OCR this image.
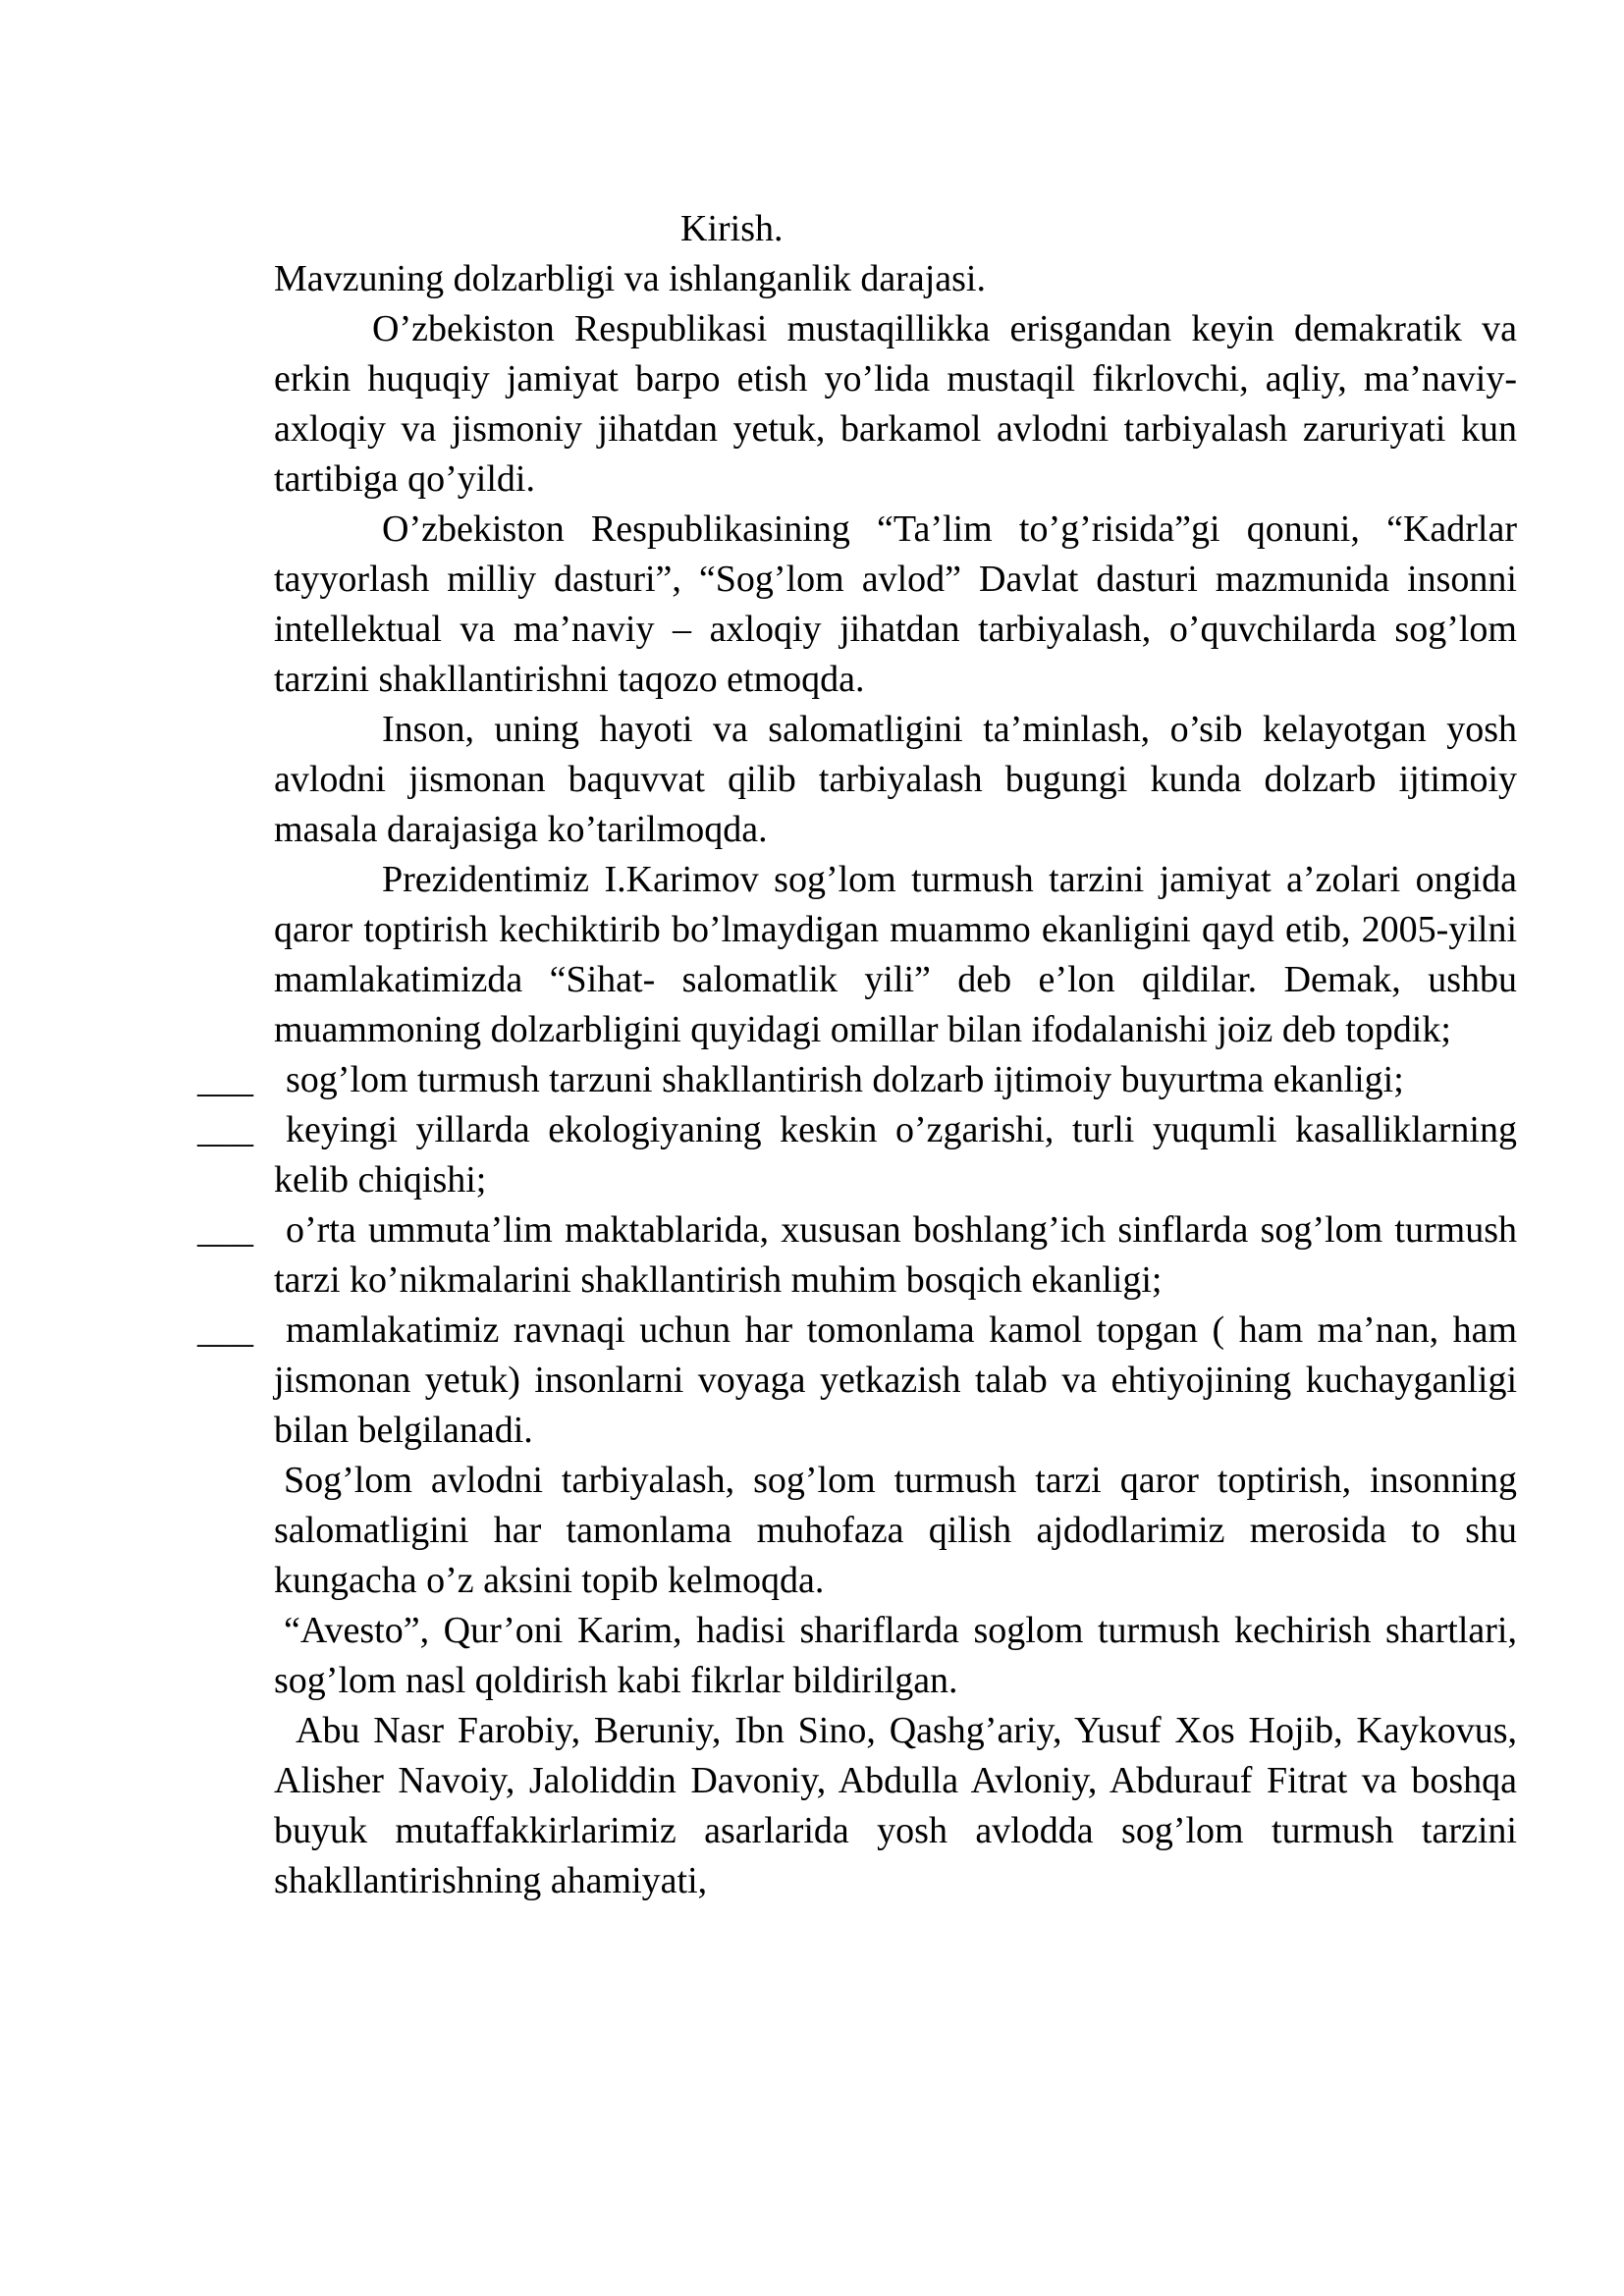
Kirish.

Mavzuning dolzarbligi va ishlanganlik darajasi.

O’zbekiston Respublikasi mustaqillikka erisgandan keyin demakratik va erkin huquqiy jamiyat barpo etish yo’lida mustaqil fikrlovchi, aqliy, ma’naviy-axloqiy va jismoniy jihatdan yetuk, barkamol avlodni tarbiyalash zaruriyati kun tartibiga qo’yildi.

O’zbekiston Respublikasining “Ta’lim to’g’risida”gi qonuni, “Kadrlar tayyorlash milliy dasturi”, “Sog’lom avlod” Davlat dasturi mazmunida insonni intellektual va ma’naviy – axloqiy jihatdan tarbiyalash, o’quvchilarda sog’lom tarzini shakllantirishni taqozo etmoqda.

Inson, uning hayoti va salomatligini ta’minlash, o’sib kelayotgan yosh avlodni jismonan baquvvat qilib tarbiyalash bugungi kunda dolzarb ijtimoiy masala darajasiga ko’tarilmoqda.

Prezidentimiz I.Karimov sog’lom turmush tarzini jamiyat a’zolari ongida qaror toptirish kechiktirib bo’lmaydigan muammo ekanligini qayd etib, 2005-yilni mamlakatimizda “Sihat- salomatlik yili” deb e’lon qildilar. Demak, ushbu muammoning dolzarbligini quyidagi omillar bilan ifodalanishi joiz deb topdik;

___ sog’lom turmush tarzuni shakllantirish dolzarb ijtimoiy buyurtma ekanligi;
___ keyingi yillarda ekologiyaning keskin o’zgarishi, turli yuqumli kasalliklarning kelib chiqishi;
___ o’rta ummuta’lim maktablarida, xususan boshlang’ich sinflarda sog’lom turmush tarzi ko’nikmalarini shakllantirish muhim bosqich ekanligi;
___ mamlakatimiz ravnaqi uchun har tomonlama kamol topgan ( ham ma’nan, ham jismonan yetuk) insonlarni voyaga yetkazish talab va ehtiyojining kuchayganligi bilan belgilanadi.

Sog’lom avlodni tarbiyalash, sog’lom turmush tarzi qaror toptirish, insonning salomatligini har tamonlama muhofaza qilish ajdodlarimiz merosida to shu kungacha o’z aksini topib kelmoqda.

“Avesto”, Qur’oni Karim, hadisi shariflarda soglom turmush kechirish shartlari, sog’lom nasl qoldirish kabi fikrlar bildirilgan.

Abu Nasr Farobiy, Beruniy, Ibn Sino, Qashg’ariy, Yusuf Xos Hojib, Kaykovus, Alisher Navoiy, Jaloliddin Davoniy, Abdulla Avloniy, Abdurauf Fitrat va boshqa buyuk mutaffakkirlarimiz asarlarida yosh avlodda sog’lom turmush tarzini shakllantirishning ahamiyati,
